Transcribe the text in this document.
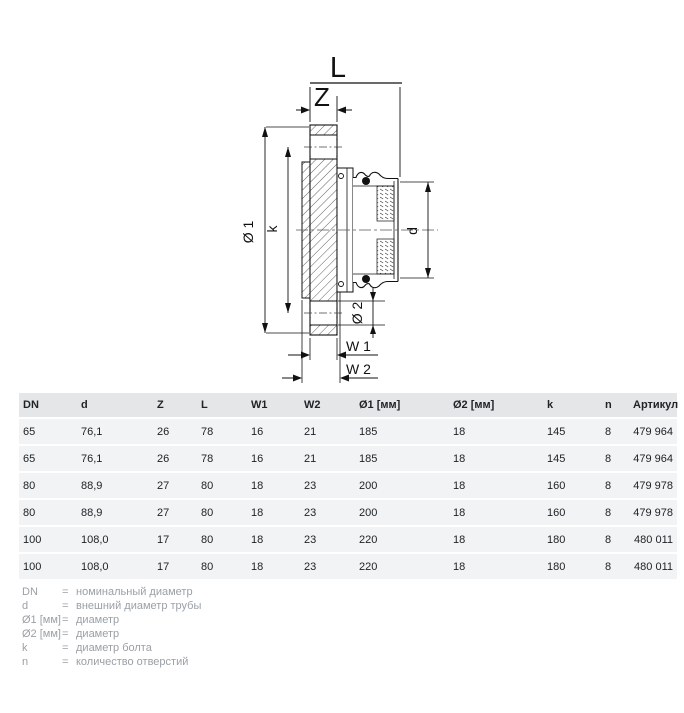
L
Z
Ø 1 k	d
Ø 2
W 1
W 2
DN	d	Z	L	W1	W2	Ø1 [мм]	Ø2 [мм]	k	n	Артикул
65	76,1	26	78	16	21	185	18	145	8	479 964
65	76,1	26	78	16	21	185	18	145	8	479 964
80	88,9	27	80	18	23	200	18	160	8	479 978
80	88,9	27	80	18	23	200	18	160	8	479 978
100	108,0	17	80	18	23	220	18	180	8	480 011
100	108,0	17	80	18	23	220	18	180	8	480 011
DN	= номинальный диаметр
d	= внешний диаметр трубы
Ø1 [мм] = диаметр
Ø2 [мм] = диаметр
k	= диаметр болта
n	= количество отверстий
